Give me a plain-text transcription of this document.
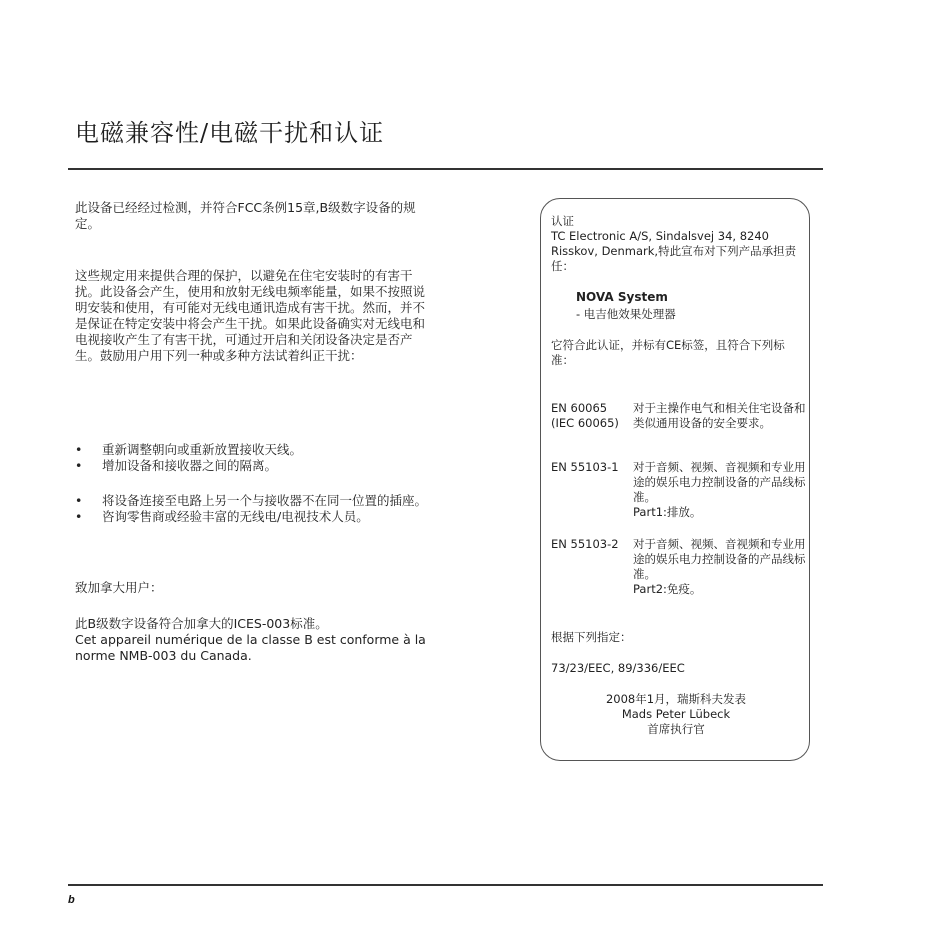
电磁兼容性/电磁干扰和认证

此设备已经经过检测，并符合FCC条例15章,B级数字设备的规定。

这些规定用来提供合理的保护，以避免在住宅安装时的有害干扰。此设备会产生，使用和放射无线电频率能量，如果不按照说明安装和使用，有可能对无线电通讯造成有害干扰。然而，并不是保证在特定安装中将会产生干扰。如果此设备确实对无线电和电视接收产生了有害干扰，可通过开启和关闭设备决定是否产生。鼓励用户用下列一种或多种方法试着纠正干扰：

• 重新调整朝向或重新放置接收天线。
• 增加设备和接收器之间的隔离。
• 将设备连接至电路上另一个与接收器不在同一位置的插座。
• 咨询零售商或经验丰富的无线电/电视技术人员。

致加拿大用户：

此B级数字设备符合加拿大的ICES-003标准。

Cet appareil numérique de la classe B est conforme à la norme NMB-003 du Canada.

认证
TC Electronic A/S, Sindalsvej 34, 8240 Risskov, Denmark,特此宣布对下列产品承担责任：
NOVA System
- 电吉他效果处理器
它符合此认证，并标有CE标签，且符合下列标准：
EN 60065 (IEC 60065)
对于主操作电气和相关住宅设备和类似通用设备的安全要求。
EN 55103-1	对于音频、视频、音视频和专业用途的娱乐电力控制设备的产品线标准。
Part1:排放。
EN 55103-2	对于音频、视频、音视频和专业用途的娱乐电力控制设备的产品线标准。
Part2:免疫。
根据下列指定：
73/23/EEC, 89/336/EEC
2008年1月，瑞斯科夫发表
Mads Peter Lübeck
首席执行官
b
